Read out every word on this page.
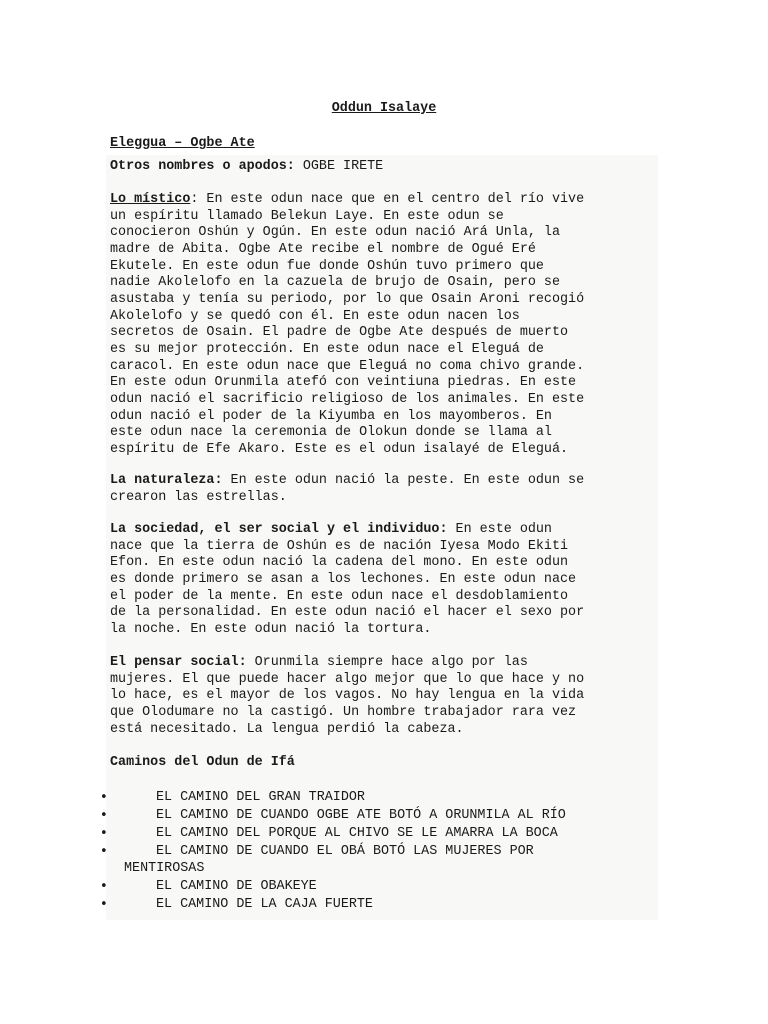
Oddun Isalaye
Eleggua – Ogbe Ate

Otros nombres o apodos: OGBE IRETE

Lo místico: En este odun nace que en el centro del río vive
un espíritu llamado Belekun Laye. En este odun se
conocieron Oshún y Ogún. En este odun nació Ará Unla, la
madre de Abita. Ogbe Ate recibe el nombre de Ogué Eré
Ekutele. En este odun fue donde Oshún tuvo primero que
nadie Akolelofo en la cazuela de brujo de Osain, pero se
asustaba y tenía su periodo, por lo que Osain Aroni recogió
Akolelofo y se quedó con él. En este odun nacen los
secretos de Osain. El padre de Ogbe Ate después de muerto
es su mejor protección. En este odun nace el Eleguá de
caracol. En este odun nace que Eleguá no coma chivo grande.
En este odun Orunmila atefó con veintiuna piedras. En este
odun nació el sacrificio religioso de los animales. En este
odun nació el poder de la Kiyumba en los mayomberos. En
este odun nace la ceremonia de Olokun donde se llama al
espíritu de Efe Akaro. Este es el odun isalayé de Eleguá.
La naturaleza: En este odun nació la peste. En este odun se
crearon las estrellas.
La sociedad, el ser social y el individuo: En este odun
nace que la tierra de Oshún es de nación Iyesa Modo Ekiti
Efon. En este odun nació la cadena del mono. En este odun
es donde primero se asan a los lechones. En este odun nace
el poder de la mente. En este odun nace el desdoblamiento
de la personalidad. En este odun nació el hacer el sexo por
la noche. En este odun nació la tortura.
El pensar social: Orunmila siempre hace algo por las
mujeres. El que puede hacer algo mejor que lo que hace y no
lo hace, es el mayor de los vagos. No hay lengua en la vida
que Olodumare no la castigó. Un hombre trabajador rara vez
está necesitado. La lengua perdió la cabeza.

Caminos del Odun de Ifá

•	EL CAMINO DEL GRAN TRAIDOR
•	EL CAMINO DE CUANDO OGBE ATE BOTÓ A ORUNMILA AL RÍO
•	EL CAMINO DEL PORQUE AL CHIVO SE LE AMARRA LA BOCA
•	EL CAMINO DE CUANDO EL OBÁ BOTÓ LAS MUJERES POR
MENTIROSAS
•	EL CAMINO DE OBAKEYE
•	EL CAMINO DE LA CAJA FUERTE
